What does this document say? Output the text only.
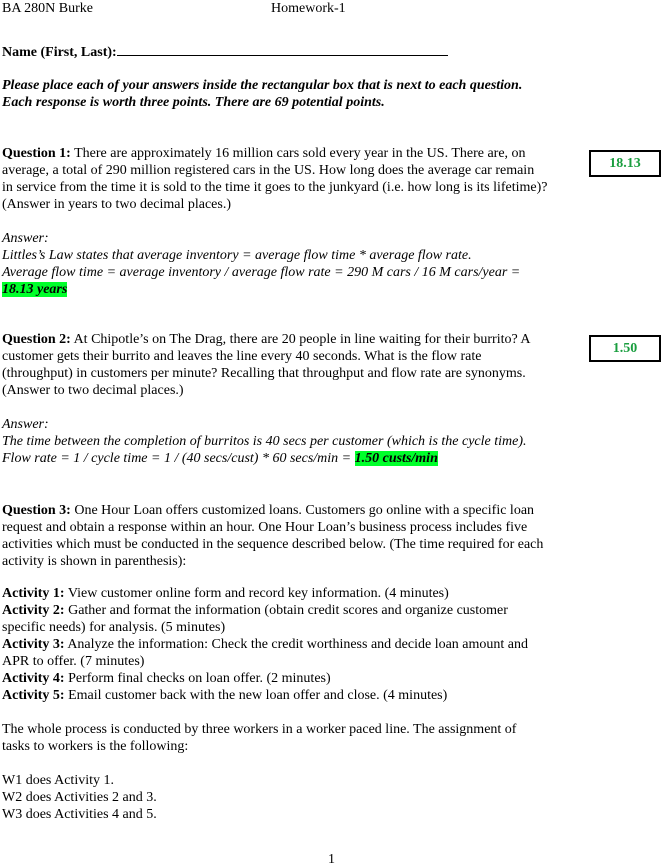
BA 280N Burke	Homework-1
Name (First, Last):
Please place each of your answers inside the rectangular box that is next to each question.
Each response is worth three points. There are 69 potential points.
Question 1: There are approximately 16 million cars sold every year in the US. There are, on
average, a total of 290 million registered cars in the US. How long does the average car remain
in service from the time it is sold to the time it goes to the junkyard (i.e. how long is its lifetime)?
(Answer in years to two decimal places.)
Answer:
Littles’s Law states that average inventory = average flow time * average flow rate.
Average flow time = average inventory / average flow rate = 290 M cars / 16 M cars/year =
18.13 years
18.13
Question 2: At Chipotle’s on The Drag, there are 20 people in line waiting for their burrito? A
customer gets their burrito and leaves the line every 40 seconds. What is the flow rate
(throughput) in customers per minute? Recalling that throughput and flow rate are synonyms.
(Answer to two decimal places.)
Answer:
The time between the completion of burritos is 40 secs per customer (which is the cycle time).
Flow rate = 1 / cycle time = 1 / (40 secs/cust) * 60 secs/min = 1.50 custs/min
1.50
Question 3: One Hour Loan offers customized loans. Customers go online with a specific loan
request and obtain a response within an hour. One Hour Loan’s business process includes five
activities which must be conducted in the sequence described below. (The time required for each
activity is shown in parenthesis):
Activity 1: View customer online form and record key information. (4 minutes)
Activity 2: Gather and format the information (obtain credit scores and organize customer
specific needs) for analysis. (5 minutes)
Activity 3: Analyze the information: Check the credit worthiness and decide loan amount and
APR to offer. (7 minutes)
Activity 4: Perform final checks on loan offer. (2 minutes)
Activity 5: Email customer back with the new loan offer and close. (4 minutes)
The whole process is conducted by three workers in a worker paced line. The assignment of
tasks to workers is the following:
W1 does Activity 1.
W2 does Activities 2 and 3.
W3 does Activities 4 and 5.
1
